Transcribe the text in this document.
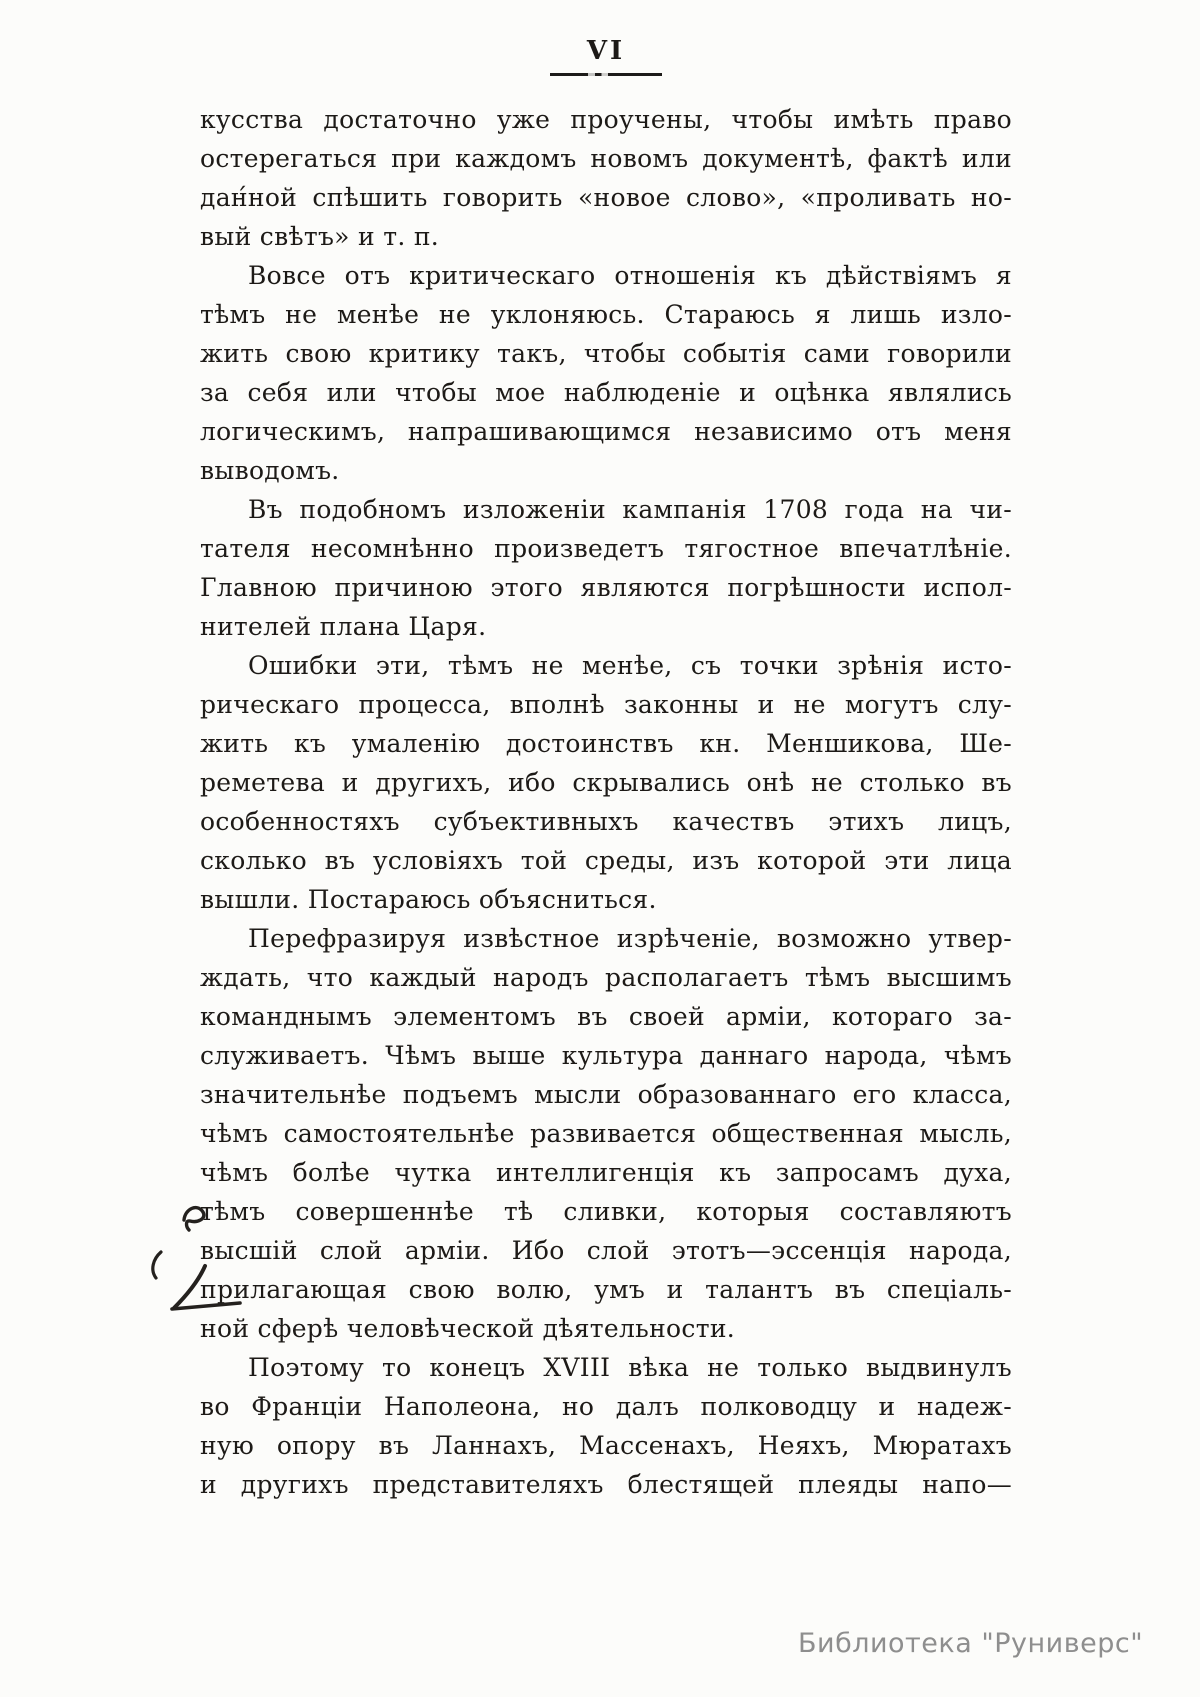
VI

кусства достаточно уже проучены, чтобы имѣть право
остерегаться при каждомъ новомъ документѣ, фактѣ или
дан́ной спѣшить говорить «новое слово», «проливать но-
вый свѣтъ» и т. п.

Вовсе отъ критическаго отношенія къ дѣйствіямъ я
тѣмъ не менѣе не уклоняюсь. Стараюсь я лишь изло-
жить свою критику такъ, чтобы событія сами говорили
за себя или чтобы мое наблюденіе и оцѣнка являлись
логическимъ, напрашивающимся независимо отъ меня
выводомъ.

Въ подобномъ изложеніи кампанія 1708 года на чи-
тателя несомнѣнно произведетъ тягостное впечатлѣніе.
Главною причиною этого являются погрѣшности испол-
нителей плана Царя.

Ошибки эти, тѣмъ не менѣе, съ точки зрѣнія исто-
рическаго процесса, вполнѣ законны и не могутъ слу-
жить къ умаленію достоинствъ кн. Меншикова, Ше-
реметева и другихъ, ибо скрывались онѣ не столько въ
особенностяхъ субъективныхъ качествъ этихъ лицъ,
сколько въ условіяхъ той среды, изъ которой эти лица
вышли. Постараюсь объясниться.

Перефразируя извѣстное изрѣченіе, возможно утвер-
ждать, что каждый народъ располагаетъ тѣмъ высшимъ
команднымъ элементомъ въ своей арміи, котораго за-
служиваетъ. Чѣмъ выше культура даннаго народа, чѣмъ
значительнѣе подъемъ мысли образованнаго его класса,
чѣмъ самостоятельнѣе развивается общественная мысль,
чѣмъ болѣе чутка интеллигенція къ запросамъ духа,
тѣмъ совершеннѣе тѣ сливки, которыя составляютъ
высшій слой арміи. Ибо слой этотъ—эссенція народа,
прилагающая свою волю, умъ и талантъ въ спеціаль-
ной сферѣ человѣческой дѣятельности.

Поэтому то конецъ XVIII вѣка не только выдвинулъ
во Франціи Наполеона, но далъ полководцу и надеж-
ную опору въ Ланнахъ, Массенахъ, Неяхъ, Мюратахъ
и другихъ представителяхъ блестящей плеяды напо—

Библиотека "Руниверс"
